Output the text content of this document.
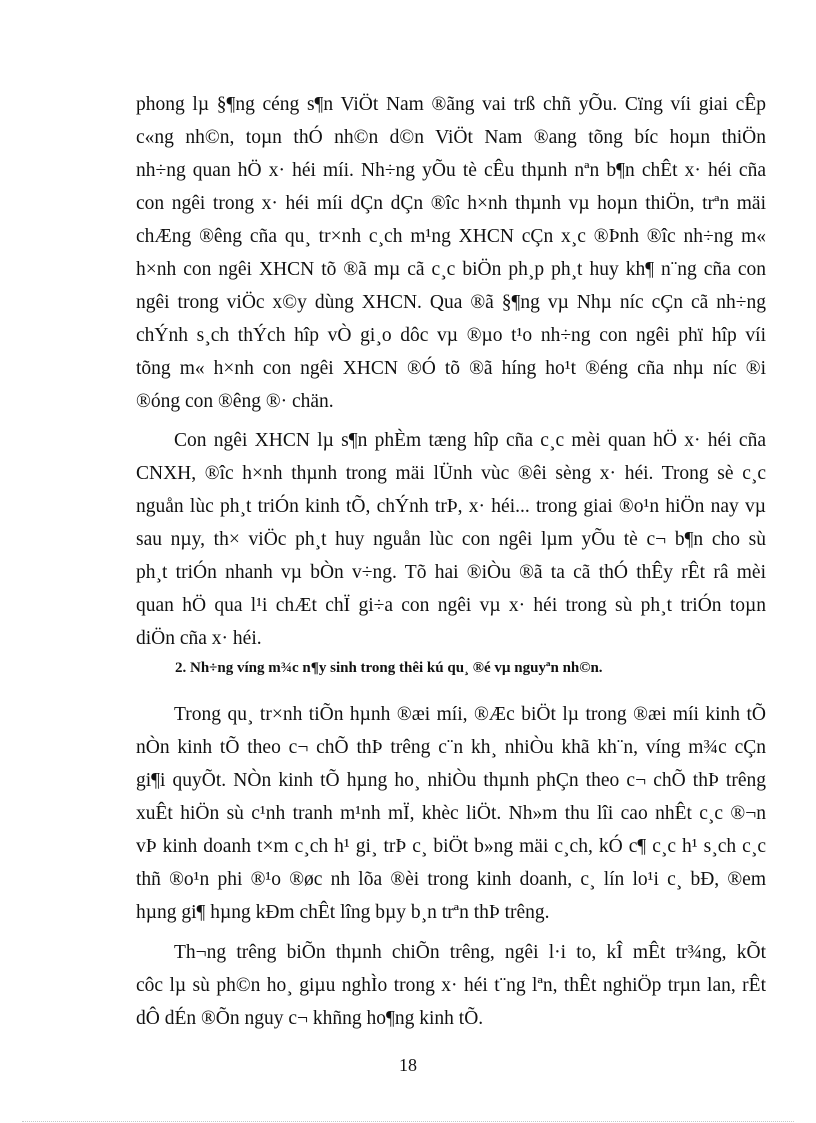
phong lµ §¶ng céng s¶n ViÖt Nam ®ãng vai trß chñ yÕu. Cïng víi giai cÊp
c«ng nh©n, toµn thÓ nh©n d©n ViÖt Nam ®ang tõng bíc hoµn thiÖn
nh÷ng quan hÖ x· héi míi. Nh÷ng yÕu tè cÊu thµnh nªn b¶n chÊt x· héi cña
con ngêi trong x· héi míi dÇn dÇn ®îc h×nh thµnh vµ hoµn thiÖn, trªn mäi
chÆng ®êng cña qu¸ tr×nh c¸ch m¹ng XHCN cÇn x¸c ®Þnh ®îc nh÷ng m«
h×nh con ngêi XHCN tõ ®ã mµ cã c¸c biÖn ph¸p ph¸t huy kh¶ n¨ng cña con
ngêi trong viÖc x©y dùng XHCN. Qua ®ã §¶ng vµ Nhµ níc cÇn cã nh÷ng
chÝnh s¸ch thÝch hîp vÒ gi¸o dôc vµ ®µo t¹o nh÷ng con ngêi phï hîp víi
tõng m« h×nh con ngêi XHCN ®Ó tõ ®ã híng ho¹t ®éng cña nhµ níc ®i
®óng con ®êng ®· chän.
Con ngêi XHCN lµ s¶n phÈm tæng hîp cña c¸c mèi quan hÖ x· héi cña
CNXH, ®îc h×nh thµnh trong mäi lÜnh vùc ®êi sèng x· héi. Trong sè c¸c
nguån lùc ph¸t triÓn kinh tÕ, chÝnh trÞ, x· héi... trong giai ®o¹n hiÖn nay vµ
sau nµy, th× viÖc ph¸t huy nguån lùc con ngêi lµm yÕu tè c¬ b¶n cho sù
ph¸t triÓn nhanh vµ bÒn v÷ng. Tõ hai ®iÒu ®ã ta cã thÓ thÊy rÊt râ mèi
quan hÖ qua l¹i chÆt chÏ gi÷a con ngêi vµ x· héi trong sù ph¸t triÓn toµn
diÖn cña x· héi.
2. Nh÷ng víng m¾c n¶y sinh trong thêi kú qu¸ ®é vµ nguyªn nh©n.
Trong qu¸ tr×nh tiÕn hµnh ®æi míi, ®Æc biÖt lµ trong ®æi míi kinh tÕ
nÒn kinh tÕ theo c¬ chÕ thÞ trêng c¨n kh¸ nhiÒu khã kh¨n, víng m¾c cÇn
gi¶i quyÕt. NÒn kinh tÕ hµng ho¸ nhiÒu thµnh phÇn theo c¬ chÕ thÞ trêng
xuÊt hiÖn sù c¹nh tranh m¹nh mÏ, khèc liÖt. Nh»m thu lîi cao nhÊt c¸c ®¬n
vÞ kinh doanh t×m c¸ch h¹ gi¸ trÞ c¸ biÖt b»ng mäi c¸ch, kÓ c¶ c¸c h¹ s¸ch c¸c
thñ ®o¹n phi ®¹o ®øc nh lõa ®èi trong kinh doanh, c¸ lín lo¹i c¸ bÐ, ®em
hµng gi¶ hµng kÐm chÊt lîng bµy b¸n trªn thÞ trêng.
Th¬ng trêng biÕn thµnh chiÕn trêng, ngêi l·i to, kÎ mÊt tr¾ng, kÕt
côc lµ sù ph©n ho¸ giµu nghÌo trong x· héi t¨ng lªn, thÊt nghiÖp trµn lan, rÊt
dÔ dÉn ®Õn nguy c¬ khñng ho¶ng kinh tÕ.
18
